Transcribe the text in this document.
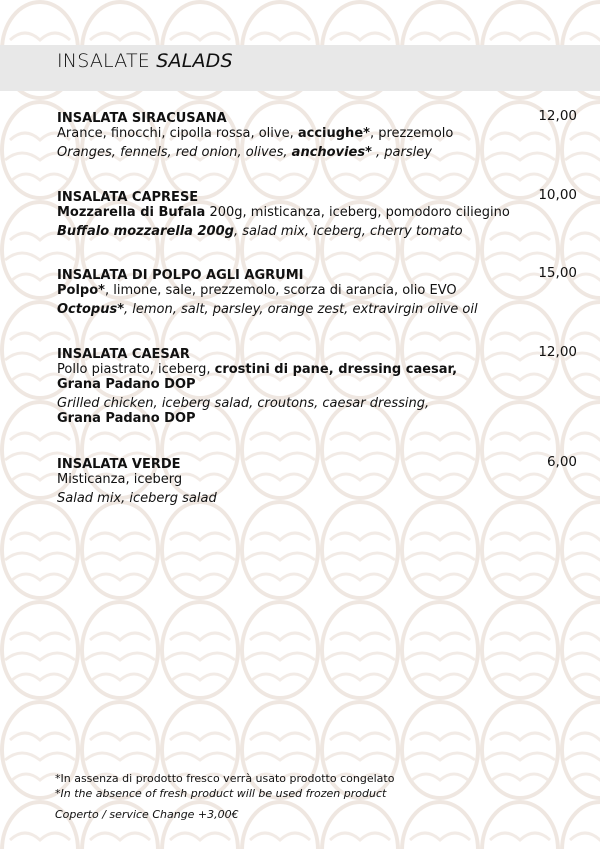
INSALATE SALADS
INSALATA SIRACUSANA	12,00
Arance, finocchi, cipolla rossa, olive, acciughe*, prezzemolo
Oranges, fennels, red onion, olives, anchovies* , parsley
INSALATA CAPRESE	10,00
Mozzarella di Bufala 200g, misticanza, iceberg, pomodoro ciliegino
Buffalo mozzarella 200g, salad mix, iceberg, cherry tomato
INSALATA DI POLPO AGLI AGRUMI	15,00
Polpo*, limone, sale, prezzemolo, scorza di arancia, olio EVO
Octopus*, lemon, salt, parsley, orange zest, extravirgin olive oil
INSALATA CAESAR	12,00
Pollo piastrato, iceberg, crostini di pane, dressing caesar,
Grana Padano DOP
Grilled chicken, iceberg salad, croutons, caesar dressing,
Grana Padano DOP
INSALATA VERDE	6,00
Misticanza, iceberg
Salad mix, iceberg salad
*In assenza di prodotto fresco verrà usato prodotto congelato
*In the absence of fresh product will be used frozen product
Coperto / service Change +3,00€
